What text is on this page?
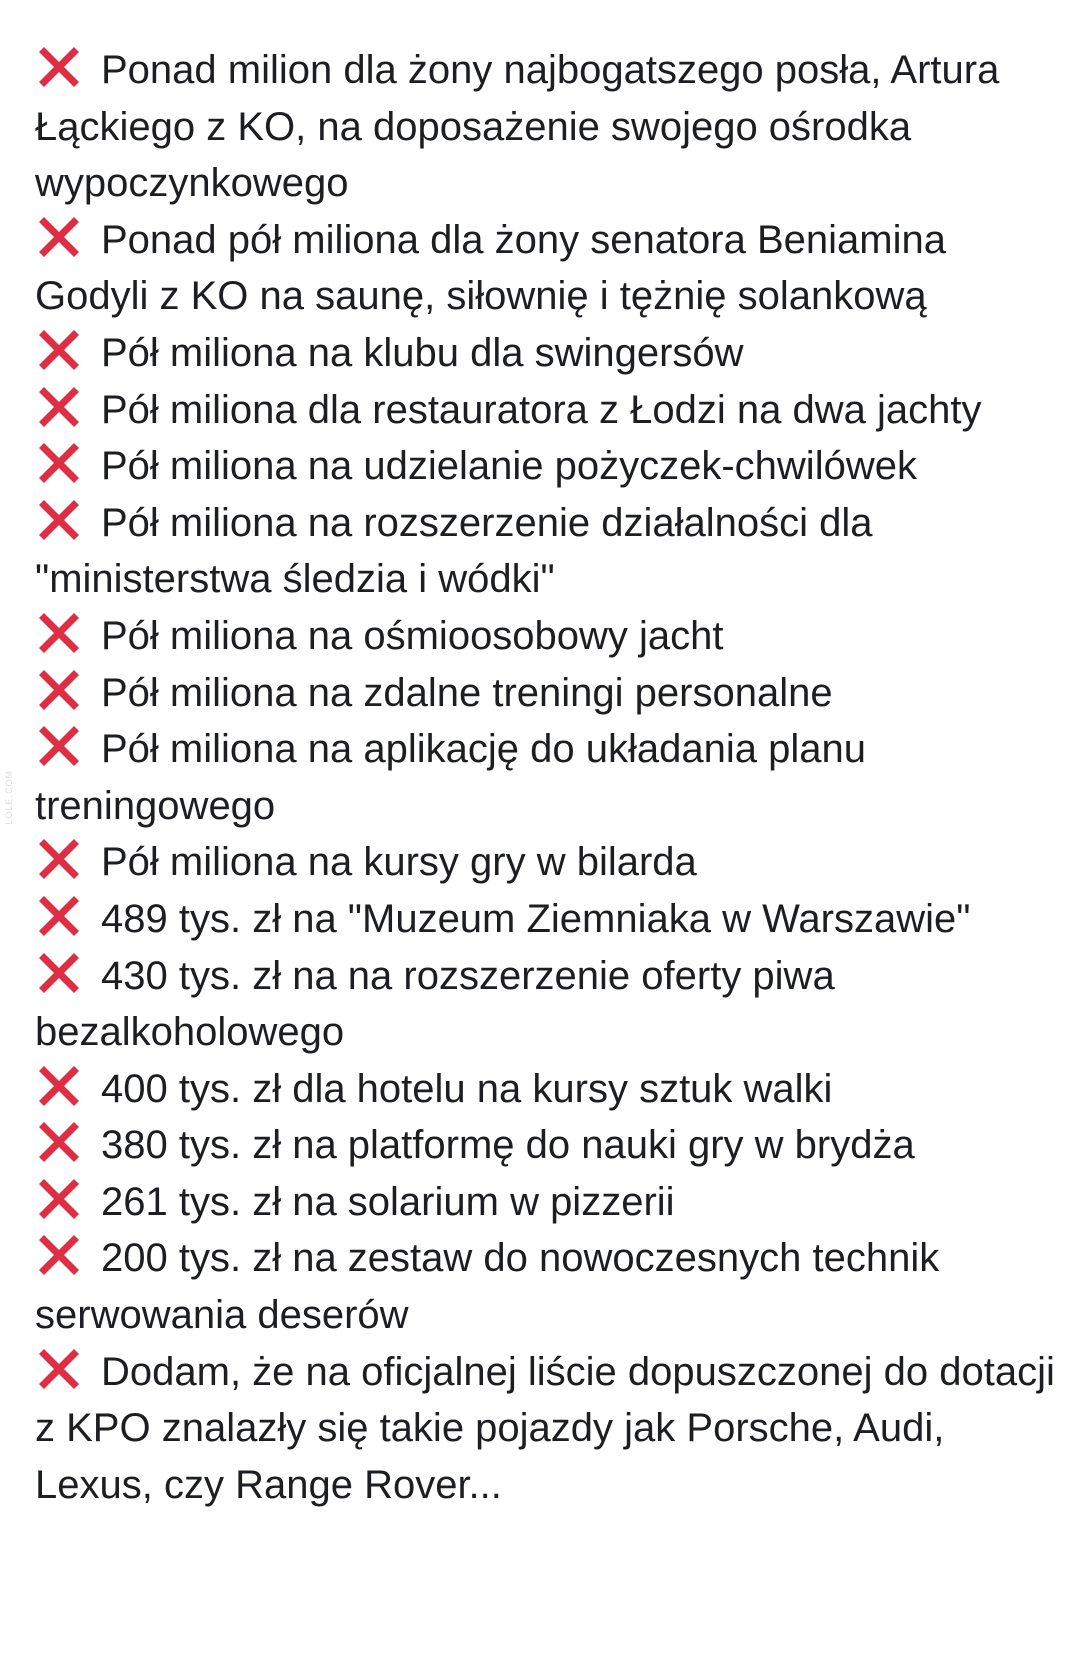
Ponad milion dla żony najbogatszego posła, Artura Łąckiego z KO, na doposażenie swojego ośrodka wypoczynkowego
Ponad pół miliona dla żony senatora Beniamina Godyli z KO na saunę, siłownię i tężnię solankową
Pół miliona na klubu dla swingersów
Pół miliona dla restauratora z Łodzi na dwa jachty
Pół miliona na udzielanie pożyczek-chwilówek
Pół miliona na rozszerzenie działalności dla "ministerstwa śledzia i wódki"
Pół miliona na ośmioosobowy jacht
Pół miliona na zdalne treningi personalne
Pół miliona na aplikację do układania planu treningowego
Pół miliona na kursy gry w bilarda
489 tys. zł na "Muzeum Ziemniaka w Warszawie"
430 tys. zł na na rozszerzenie oferty piwa bezalkoholowego
400 tys. zł dla hotelu na kursy sztuk walki
380 tys. zł na platformę do nauki gry w brydża
261 tys. zł na solarium w pizzerii
200 tys. zł na zestaw do nowoczesnych technik serwowania deserów
Dodam, że na oficjalnej liście dopuszczonej do dotacji z KPO znalazły się takie pojazdy jak Porsche, Audi, Lexus, czy Range Rover...
LOLE.COM
